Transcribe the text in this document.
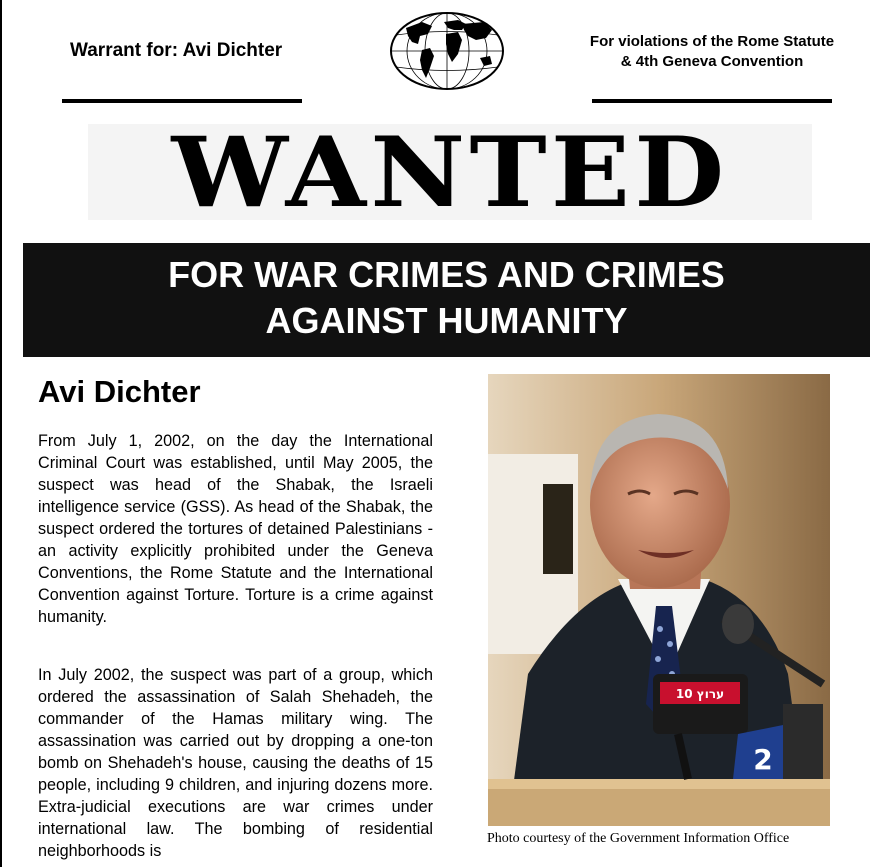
Warrant for: Avi Dichter	For violations of the Rome Statute
& 4th Geneva Convention
WANTED
FOR WAR CRIMES AND CRIMES
AGAINST HUMANITY
Avi Dichter
From July 1, 2002, on the day the International Criminal Court was established, until May 2005, the suspect was head of the Shabak, the Israeli intelligence service (GSS). As head of the Shabak, the suspect ordered the tortures of detained Palestinians - an activity explicitly prohibited under the Geneva Conventions, the Rome Statute and the International Convention against Torture. Torture is a crime against humanity.
In July 2002, the suspect was part of a group, which ordered the assassination of Salah Shehadeh, the commander of the Hamas military wing. The assassination was carried out by dropping a one-ton bomb on Shehadeh's house, causing the deaths of 15 people, including 9 children, and injuring dozens more. Extra-judicial executions are war crimes under international law. The bombing of residential neighborhoods is
ערוץ 10
2
Photo courtesy of the Government Information Office
